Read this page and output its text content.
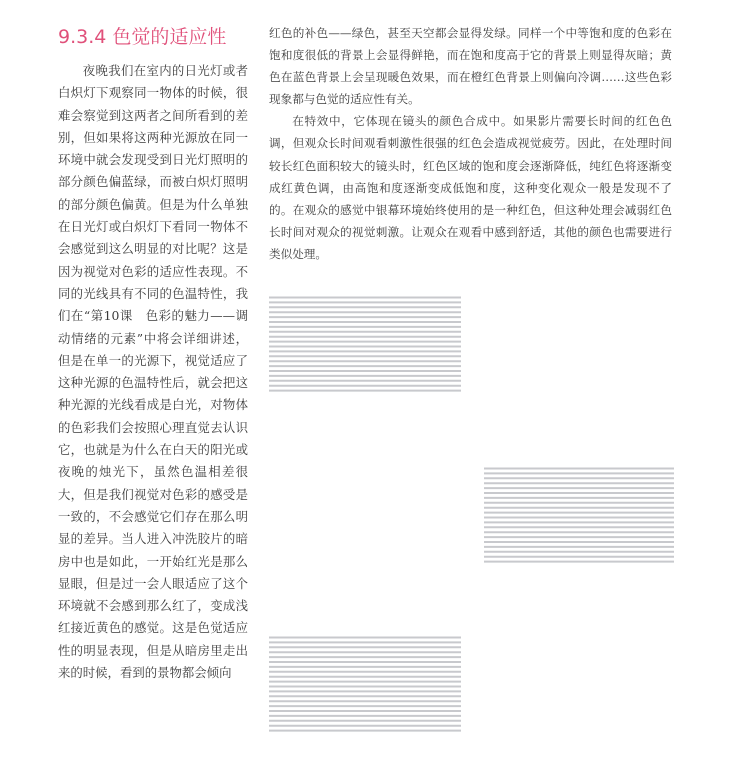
9.3.4 色觉的适应性

夜晚我们在室内的日光灯或者白炽灯下观察同一物体的时候，很难会察觉到这两者之间所看到的差别，但如果将这两种光源放在同一环境中就会发现受到日光灯照明的部分颜色偏蓝绿，而被白炽灯照明的部分颜色偏黄。但是为什么单独在日光灯或白炽灯下看同一物体不会感觉到这么明显的对比呢？这是因为视觉对色彩的适应性表现。不同的光线具有不同的色温特性，我们在“第10课　色彩的魅力——调动情绪的元素”中将会详细讲述，但是在单一的光源下，视觉适应了这种光源的色温特性后，就会把这种光源的光线看成是白光，对物体的色彩我们会按照心理直觉去认识它，也就是为什么在白天的阳光或夜晚的烛光下，虽然色温相差很大，但是我们视觉对色彩的感受是一致的，不会感觉它们存在那么明显的差异。当人进入冲洗胶片的暗房中也是如此，一开始红光是那么显眼，但是过一会人眼适应了这个环境就不会感到那么红了，变成浅红接近黄色的感觉。这是色觉适应性的明显表现，但是从暗房里走出来的时候，看到的景物都会倾向

红色的补色——绿色，甚至天空都会显得发绿。同样一个中等饱和度的色彩在饱和度很低的背景上会显得鲜艳，而在饱和度高于它的背景上则显得灰暗；黄色在蓝色背景上会呈现暖色效果，而在橙红色背景上则偏向冷调……这些色彩现象都与色觉的适应性有关。

在特效中，它体现在镜头的颜色合成中。如果影片需要长时间的红色色调，但观众长时间观看刺激性很强的红色会造成视觉疲劳。因此，在处理时间较长红色面积较大的镜头时，红色区域的饱和度会逐渐降低，纯红色将逐渐变成红黄色调，由高饱和度逐渐变成低饱和度，这种变化观众一般是发现不了的。在观众的感觉中银幕环境始终使用的是一种红色，但这种处理会减弱红色长时间对观众的视觉刺激。让观众在观看中感到舒适，其他的颜色也需要进行类似处理。
